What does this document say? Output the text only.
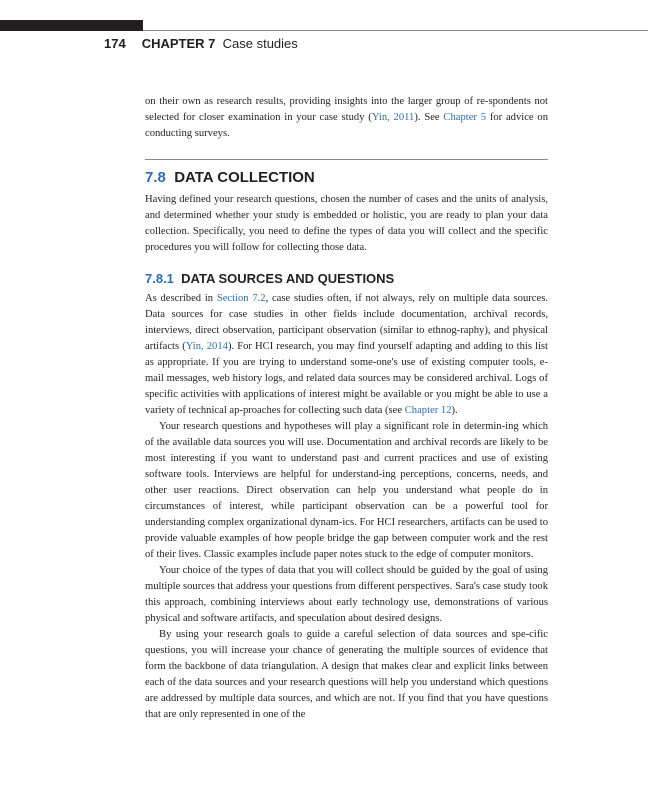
174 CHAPTER 7 Case studies

on their own as research results, providing insights into the larger group of re-spondents not selected for closer examination in your case study (Yin, 2011). See Chapter 5 for advice on conducting surveys.

7.8 DATA COLLECTION

Having defined your research questions, chosen the number of cases and the units of analysis, and determined whether your study is embedded or holistic, you are ready to plan your data collection. Specifically, you need to define the types of data you will collect and the specific procedures you will follow for collecting those data.

7.8.1 DATA SOURCES AND QUESTIONS

As described in Section 7.2, case studies often, if not always, rely on multiple data sources. Data sources for case studies in other fields include documentation, archival records, interviews, direct observation, participant observation (similar to ethnog-raphy), and physical artifacts (Yin, 2014). For HCI research, you may find yourself adapting and adding to this list as appropriate. If you are trying to understand some-one's use of existing computer tools, e-mail messages, web history logs, and related data sources may be considered archival. Logs of specific activities with applications of interest might be available or you might be able to use a variety of technical ap-proaches for collecting such data (see Chapter 12).

Your research questions and hypotheses will play a significant role in determin-ing which of the available data sources you will use. Documentation and archival records are likely to be most interesting if you want to understand past and current practices and use of existing software tools. Interviews are helpful for understand-ing perceptions, concerns, needs, and other user reactions. Direct observation can help you understand what people do in circumstances of interest, while participant observation can be a powerful tool for understanding complex organizational dynam-ics. For HCI researchers, artifacts can be used to provide valuable examples of how people bridge the gap between computer work and the rest of their lives. Classic examples include paper notes stuck to the edge of computer monitors.

Your choice of the types of data that you will collect should be guided by the goal of using multiple sources that address your questions from different perspectives. Sara's case study took this approach, combining interviews about early technology use, demonstrations of various physical and software artifacts, and speculation about desired designs.

By using your research goals to guide a careful selection of data sources and spe-cific questions, you will increase your chance of generating the multiple sources of evidence that form the backbone of data triangulation. A design that makes clear and explicit links between each of the data sources and your research questions will help you understand which questions are addressed by multiple data sources, and which are not. If you find that you have questions that are only represented in one of the
